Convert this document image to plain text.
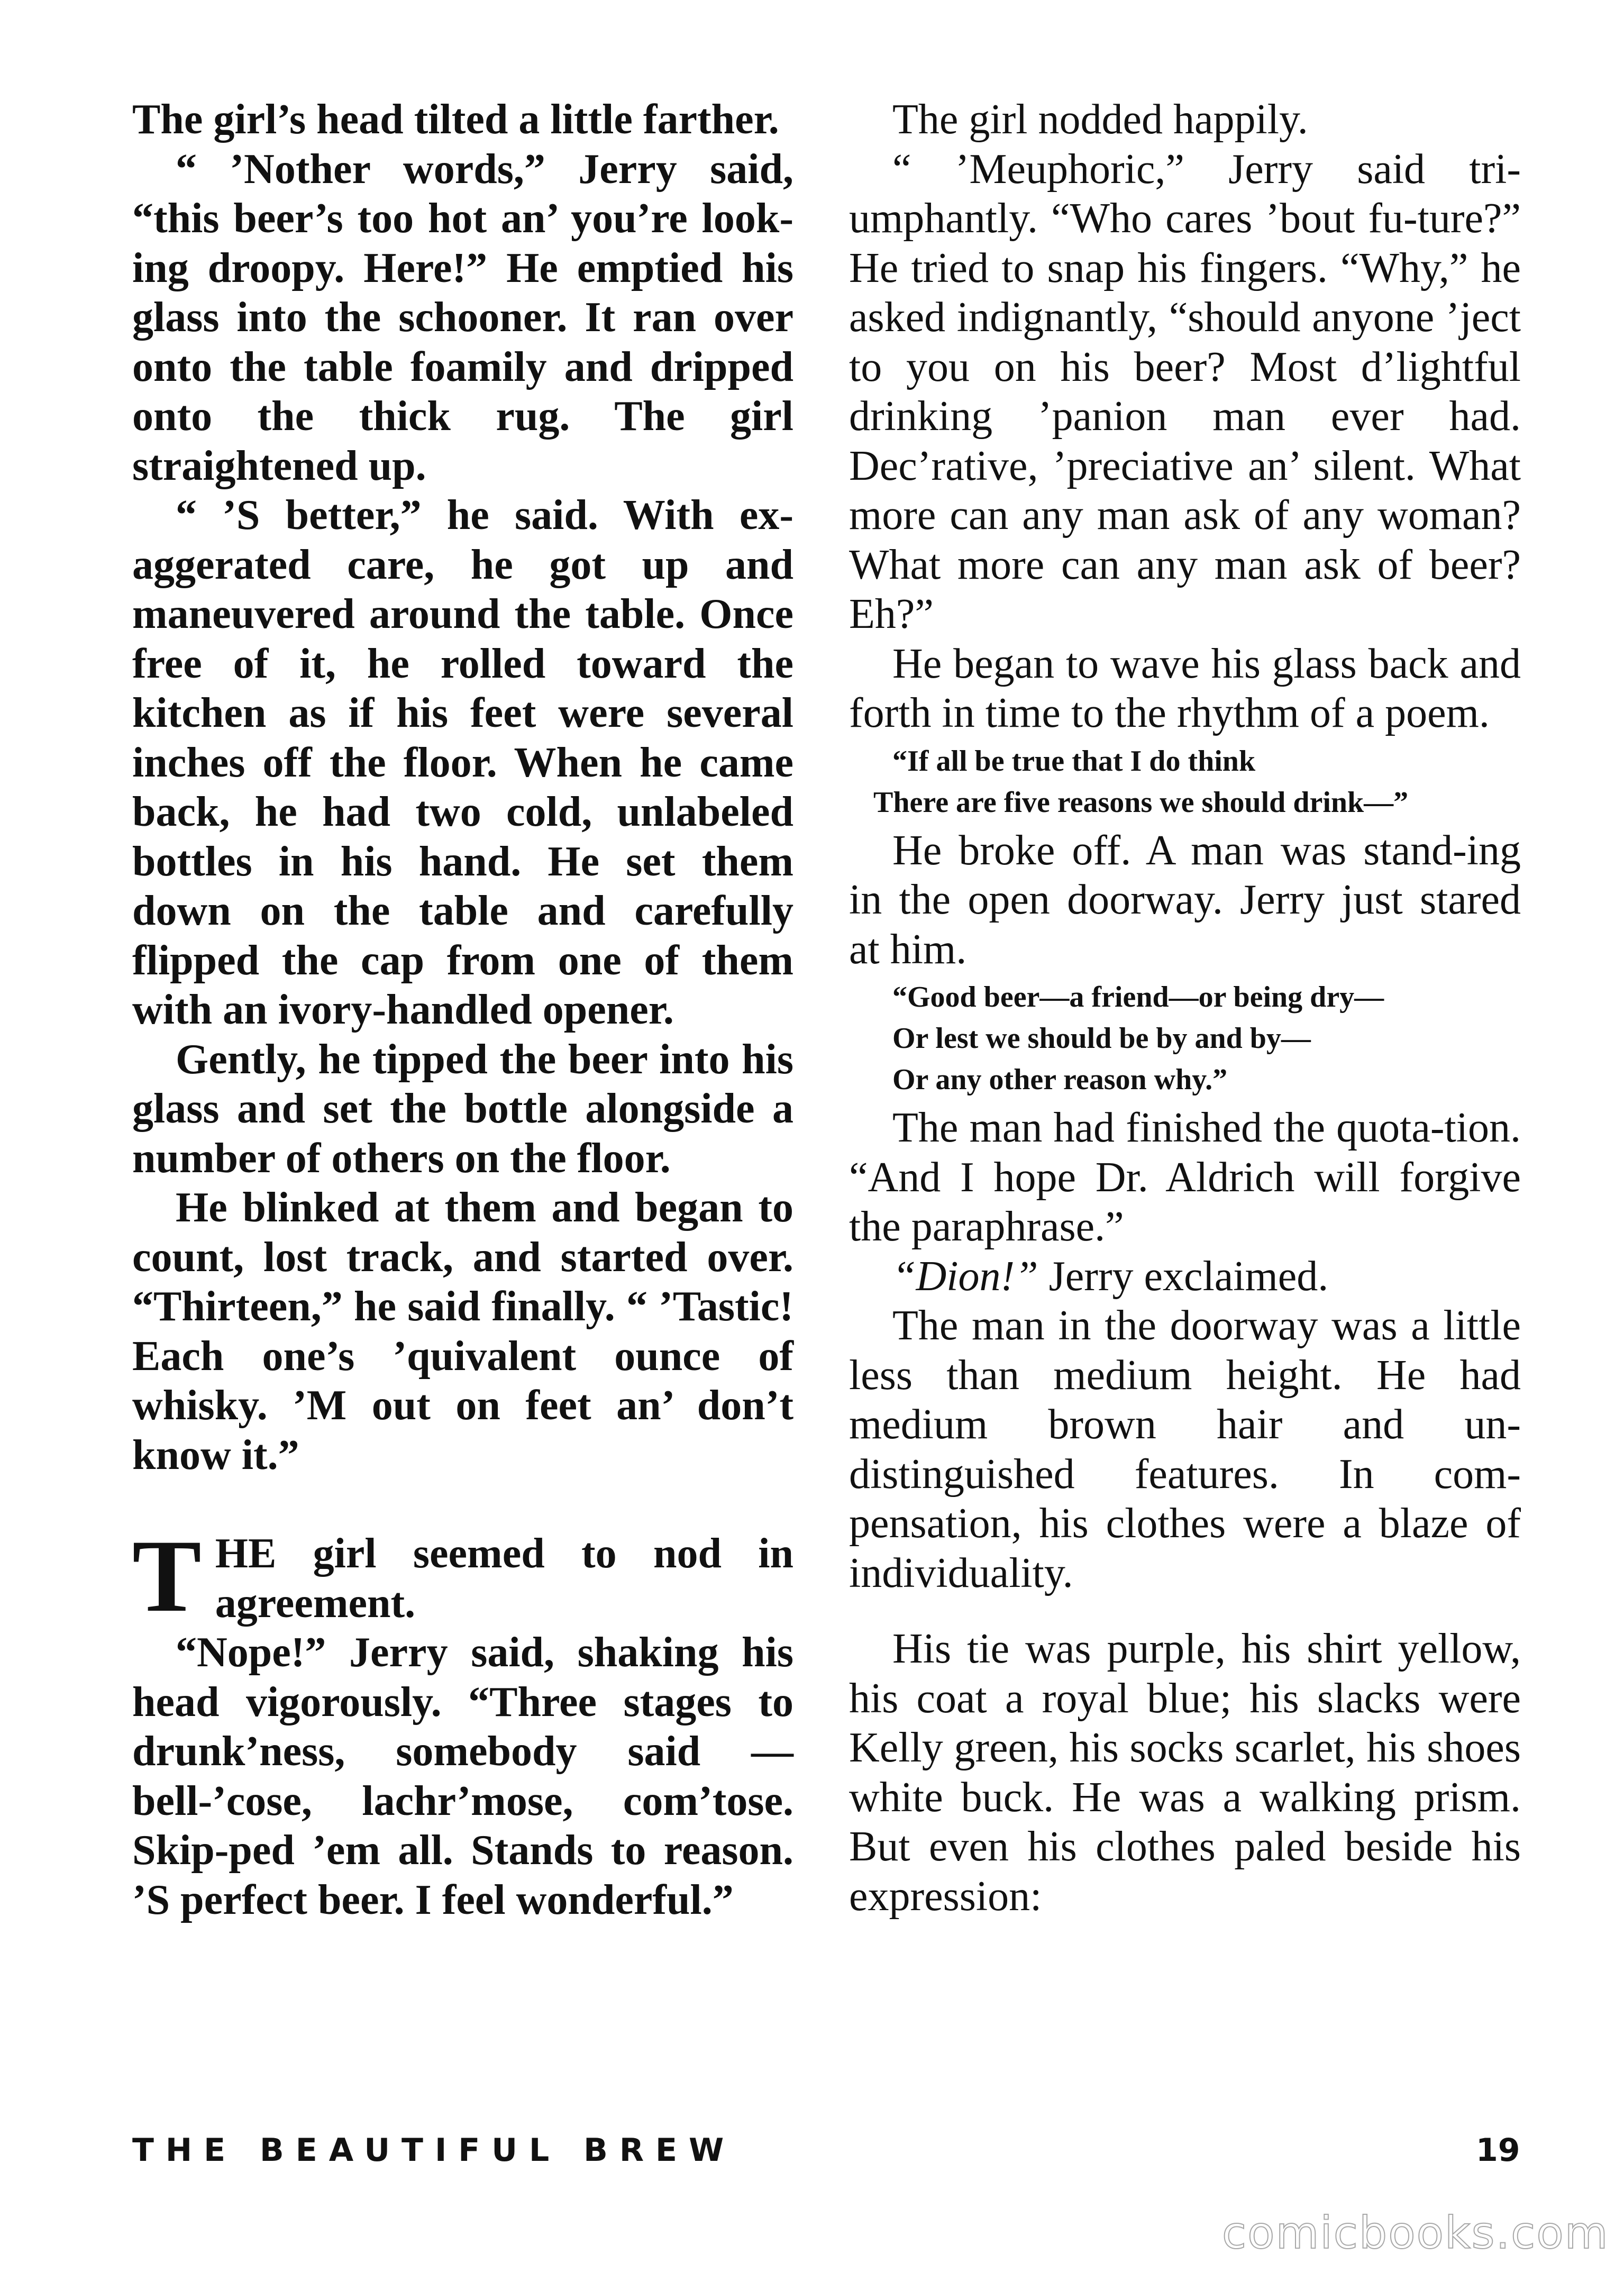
The girl’s head tilted a little farther.

“ ’Nother words,” Jerry said, “this beer’s too hot an’ you’re look-ing droopy. Here!” He emptied his glass into the schooner. It ran over onto the table foamily and dripped onto the thick rug. The girl straightened up.

“ ’S better,” he said. With ex-aggerated care, he got up and maneuvered around the table. Once free of it, he rolled toward the kitchen as if his feet were several inches off the floor. When he came back, he had two cold, unlabeled bottles in his hand. He set them down on the table and carefully flipped the cap from one of them with an ivory-handled opener.

Gently, he tipped the beer into his glass and set the bottle alongside a number of others on the floor.

He blinked at them and began to count, lost track, and started over. “Thirteen,” he said finally. “ ’Tastic! Each one’s ’quivalent ounce of whisky. ’M out on feet an’ don’t know it.”

THE girl seemed to nod in agreement.

“Nope!” Jerry said, shaking his head vigorously. “Three stages to drunk’ness, somebody said — bell-’cose, lachr’mose, com’tose. Skip-ped ’em all. Stands to reason. ’S perfect beer. I feel wonderful.”

The girl nodded happily.

“ ’Meuphoric,” Jerry said tri-umphantly. “Who cares ’bout fu-ture?” He tried to snap his fingers. “Why,” he asked indignantly, “should anyone ’ject to you on his beer? Most d’lightful drinking ’panion man ever had. Dec’rative, ’preciative an’ silent. What more can any man ask of any woman? What more can any man ask of beer? Eh?”

He began to wave his glass back and forth in time to the rhythm of a poem.

“If all be true that I do think

There are five reasons we should drink—”

He broke off. A man was stand-ing in the open doorway. Jerry just stared at him.

“Good beer—a friend—or being dry—

Or lest we should be by and by—

Or any other reason why.”

The man had finished the quota-tion. “And I hope Dr. Aldrich will forgive the paraphrase.”

“Dion!” Jerry exclaimed.

The man in the doorway was a little less than medium height. He had medium brown hair and un-distinguished features. In com-pensation, his clothes were a blaze of individuality.

His tie was purple, his shirt yellow, his coat a royal blue; his slacks were Kelly green, his socks scarlet, his shoes white buck. He was a walking prism. But even his clothes paled beside his expression:

THE BEAUTIFUL BREW	19
comicbooks.com
